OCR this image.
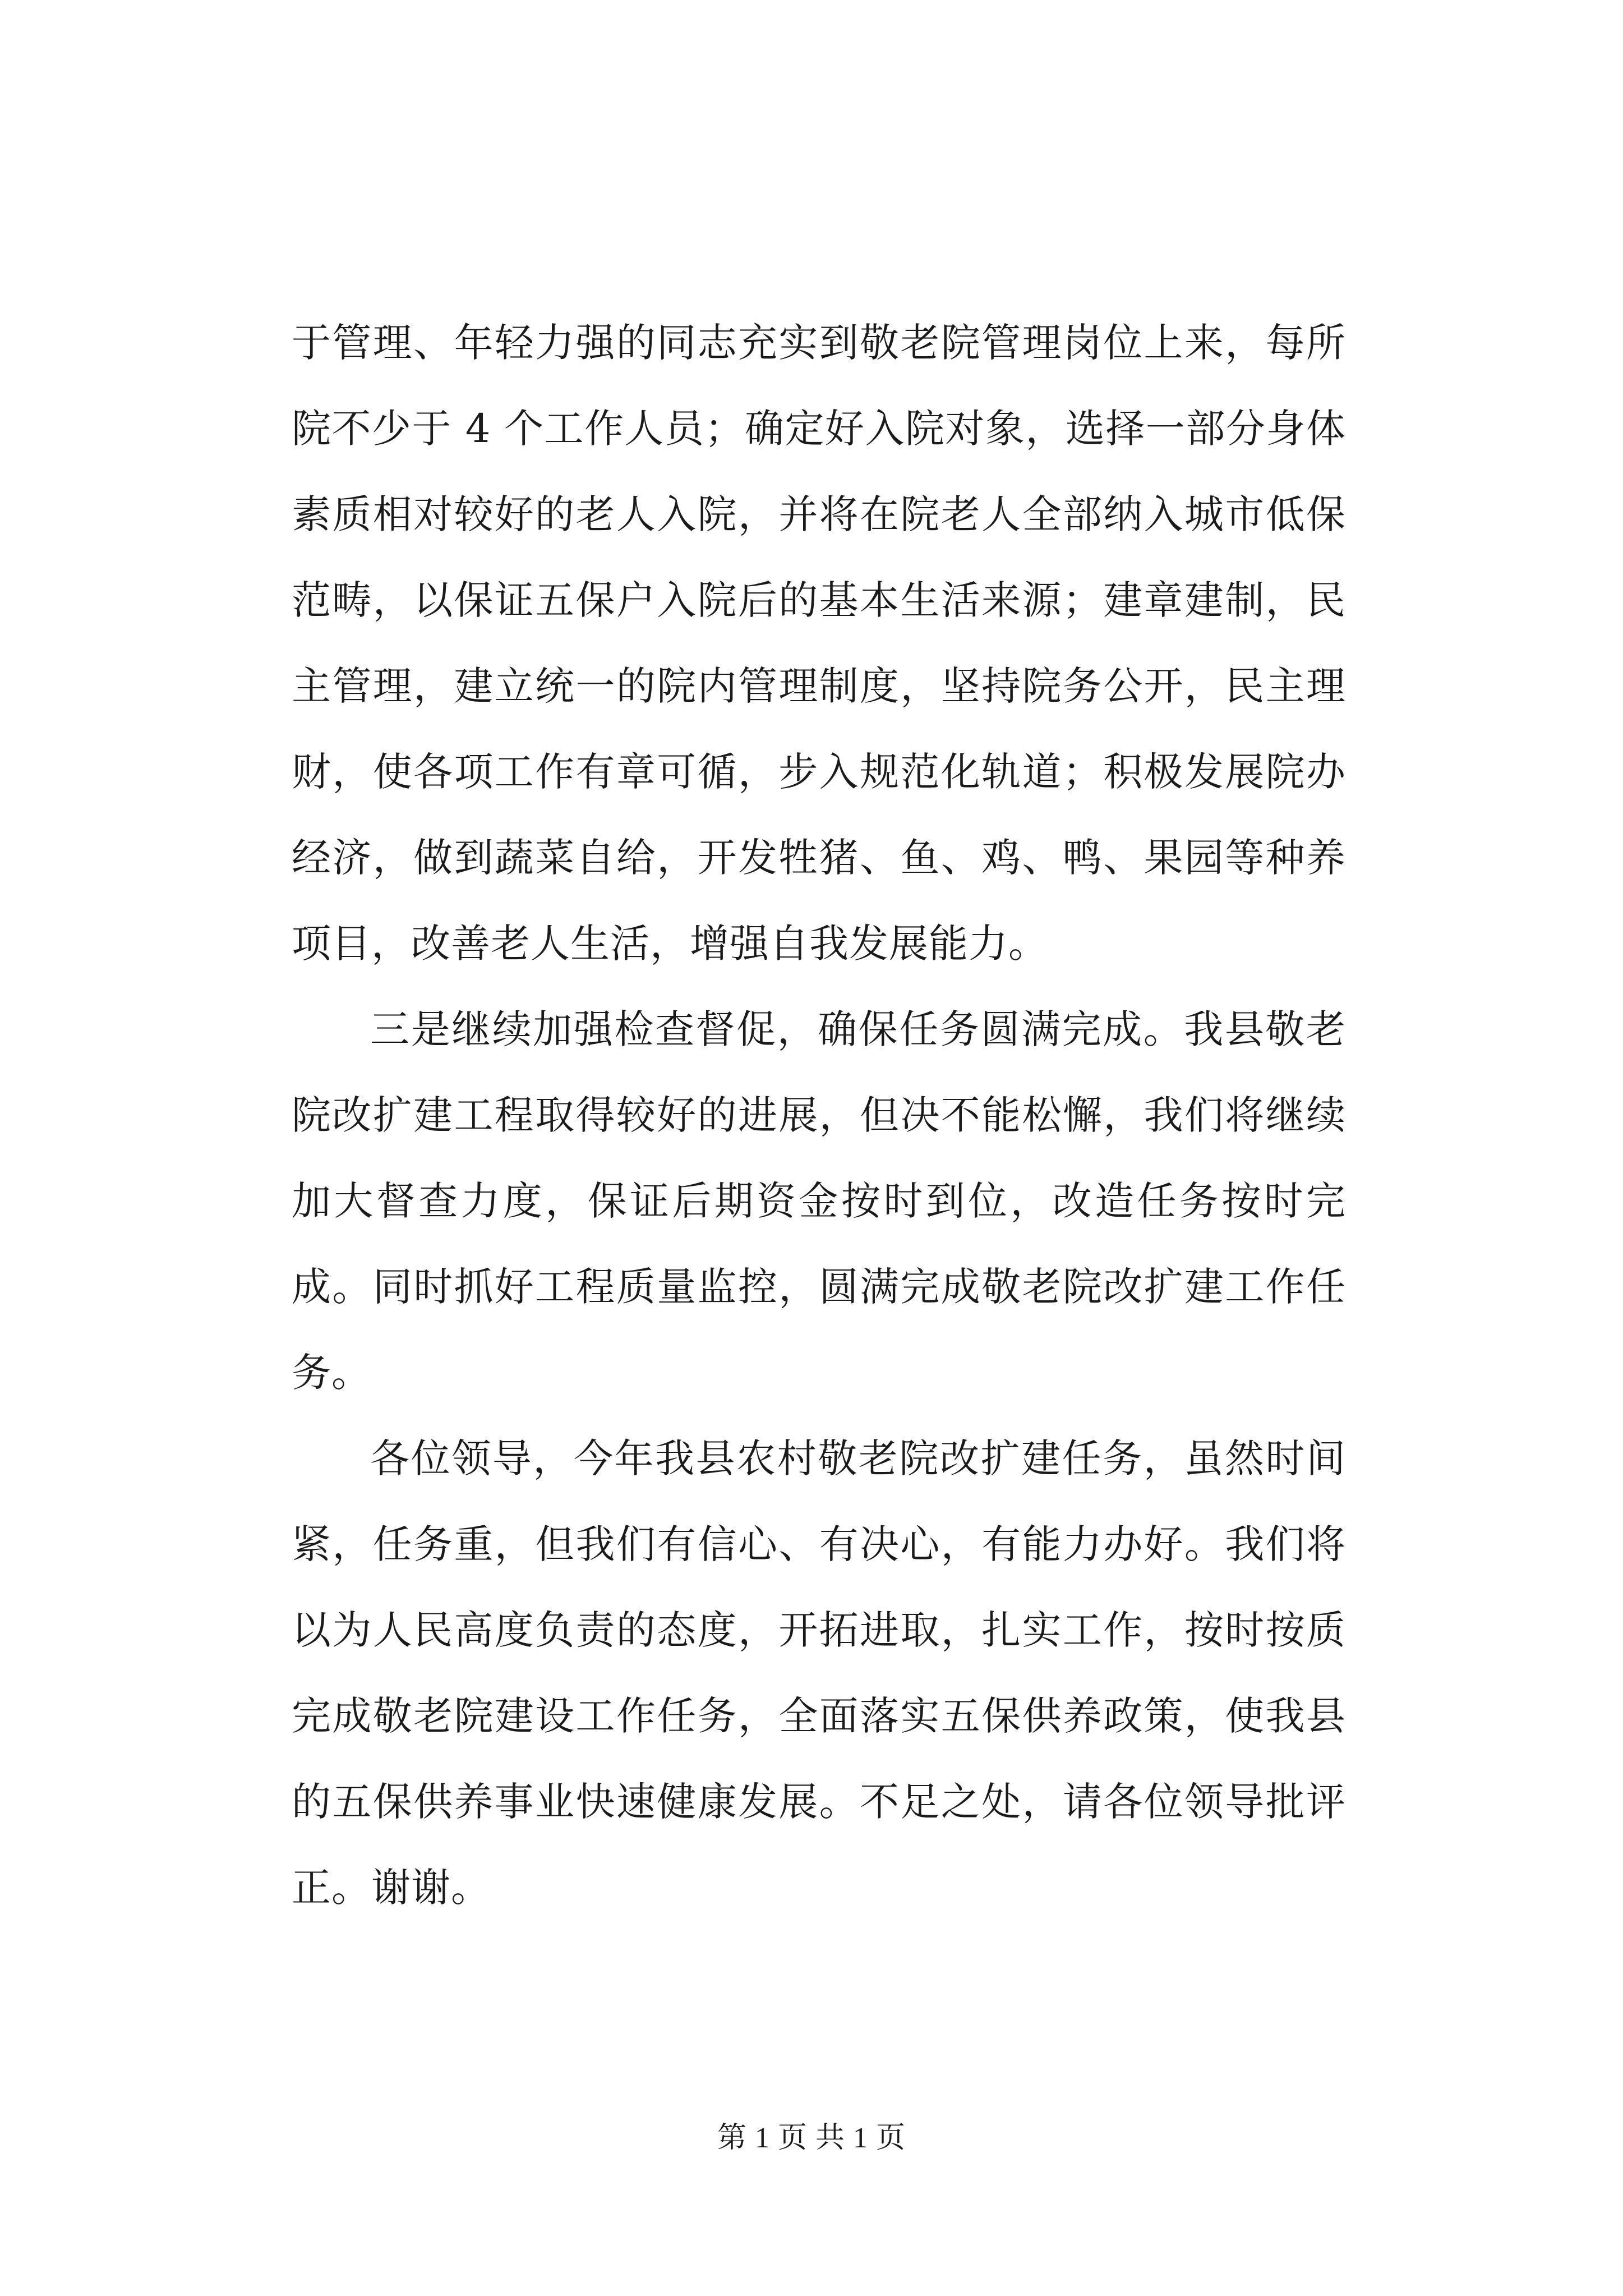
于管理、年轻力强的同志充实到敬老院管理岗位上来，每所院不少于 4 个工作人员；确定好入院对象，选择一部分身体素质相对较好的老人入院，并将在院老人全部纳入城市低保范畴，以保证五保户入院后的基本生活来源；建章建制，民主管理，建立统一的院内管理制度，坚持院务公开，民主理财，使各项工作有章可循，步入规范化轨道；积极发展院办经济，做到蔬菜自给，开发牲猪、鱼、鸡、鸭、果园等种养项目，改善老人生活，增强自我发展能力。

三是继续加强检查督促，确保任务圆满完成。我县敬老院改扩建工程取得较好的进展，但决不能松懈，我们将继续加大督查力度，保证后期资金按时到位，改造任务按时完成。同时抓好工程质量监控，圆满完成敬老院改扩建工作任务。

各位领导，今年我县农村敬老院改扩建任务，虽然时间紧，任务重，但我们有信心、有决心，有能力办好。我们将以为人民高度负责的态度，开拓进取，扎实工作，按时按质完成敬老院建设工作任务，全面落实五保供养政策，使我县的五保供养事业快速健康发展。不足之处，请各位领导批评正。谢谢。

第 1 页 共 1 页
